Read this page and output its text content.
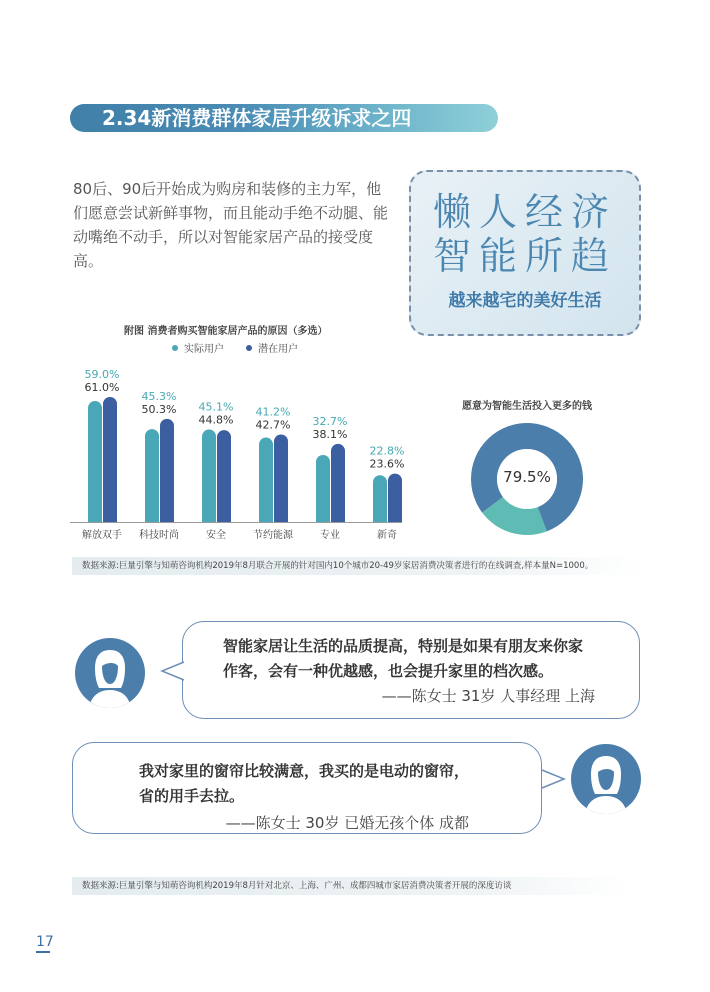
2.34新消费群体家居升级诉求之四
80后、90后开始成为购房和装修的主力军，他们愿意尝试新鲜事物，而且能动手绝不动腿、能动嘴绝不动手，所以对智能家居产品的接受度高。
懒人经济
智能所趋
越来越宅的美好生活
附图 消费者购买智能家居产品的原因（多选）
实际用户	潜在用户
59.0%
61.0%
解放双手
45.3%
50.3%
科技时尚
45.1%
44.8%
安全
41.2%
42.7%
节约能源
32.7%
38.1%
专业
22.8%
23.6%
新奇
愿意为智能生活投入更多的钱
79.5%
数据来源:巨量引擎与知萌咨询机构2019年8月联合开展的针对国内10个城市20-49岁家居消费决策者进行的在线调查,样本量N=1000。
智能家居让生活的品质提高，特别是如果有朋友来你家
作客，会有一种优越感，也会提升家里的档次感。
——陈女士 31岁 人事经理 上海
我对家里的窗帘比较满意，我买的是电动的窗帘，
省的用手去拉。
——陈女士 30岁 已婚无孩个体 成都
数据来源:巨量引擎与知萌咨询机构2019年8月针对北京、上海、广州、成都四城市家居消费决策者开展的深度访谈
17
